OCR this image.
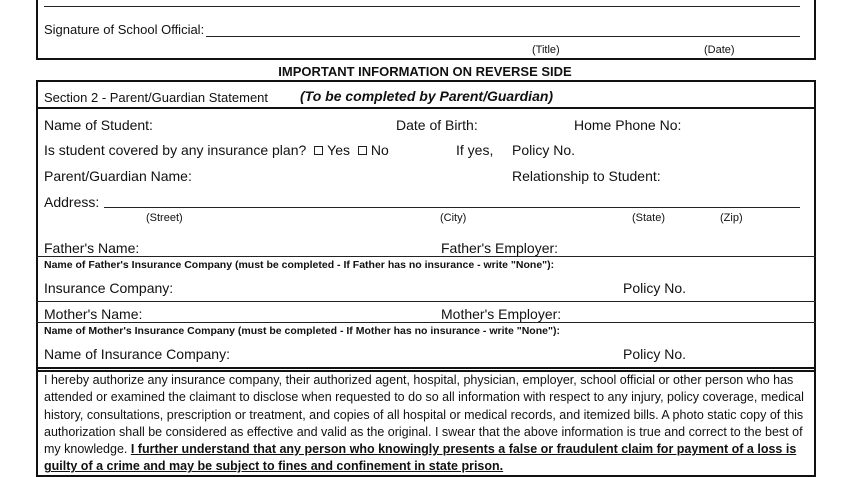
Signature of School Official:
(Title)	(Date)
IMPORTANT INFORMATION ON REVERSE SIDE
Section 2 - Parent/Guardian Statement (To be completed by Parent/Guardian)
Name of Student:	Date of Birth:	Home Phone No:
Is student covered by any insurance plan? Yes No	If yes, Policy No.
Parent/Guardian Name:	Relationship to Student:
Address:
(Street)	(City)	(State)	(Zip)
Father's Name:	Father's Employer:
Name of Father's Insurance Company (must be completed - If Father has no insurance - write "None"):
Insurance Company:	Policy No.
Mother's Name:	Mother's Employer:
Name of Mother's Insurance Company (must be completed - If Mother has no insurance - write "None"):
Name of Insurance Company:	Policy No.
I hereby authorize any insurance company, their authorized agent, hospital, physician, employer, school official or other person who has attended or examined the claimant to disclose when requested to do so all information with respect to any injury, policy coverage, medical history, consultations, prescription or treatment, and copies of all hospital or medical records, and itemized bills. A photo static copy of this authorization shall be considered as effective and valid as the original. I swear that the above information is true and correct to the best of my knowledge. I further understand that any person who knowingly presents a false or fraudulent claim for payment of a loss is guilty of a crime and may be subject to fines and confinement in state prison.
